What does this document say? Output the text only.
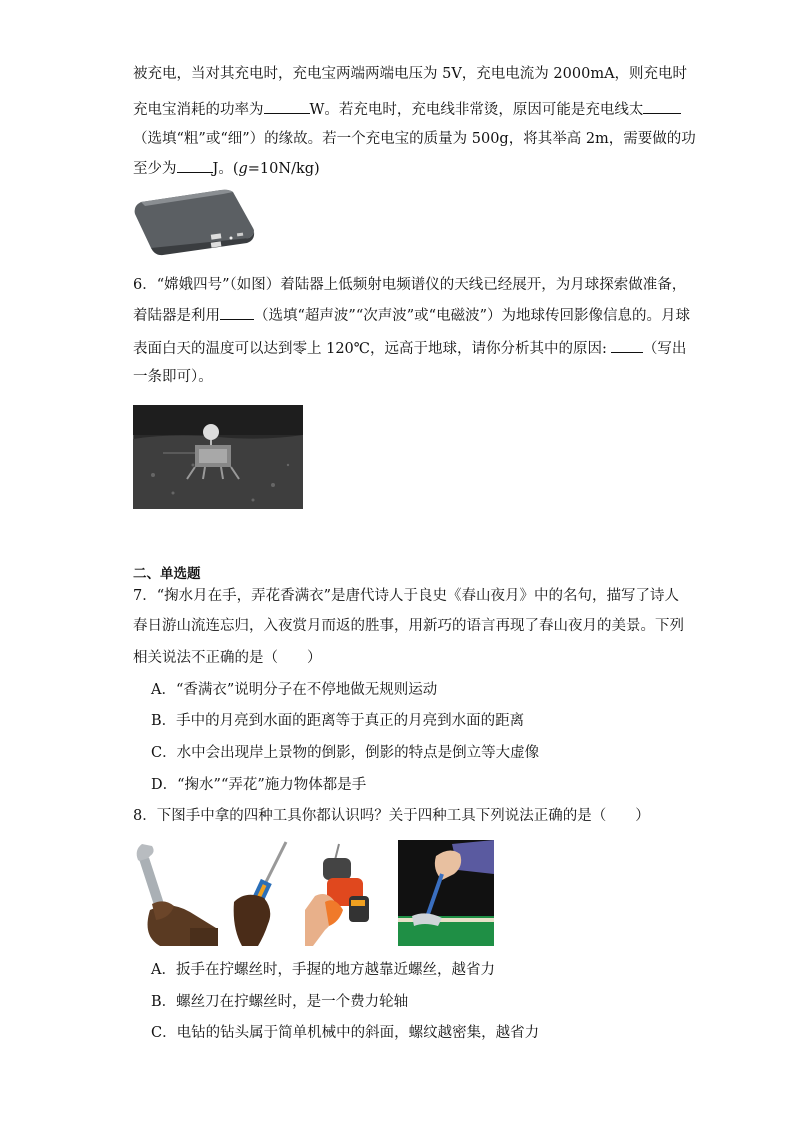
被充电，当对其充电时，充电宝两端两端电压为 5V，充电电流为 2000mA，则充电时
充电宝消耗的功率为	W。若充电时，充电线非常烫，原因可能是充电线太
（选填“粗”或“细”）的缘故。若一个充电宝的质量为 500g，将其举高 2m，需要做的功
至少为 J。(g=10N/kg)
6．“嫦娥四号”（如图）着陆器上低频射电频谱仪的天线已经展开，为月球探索做准备，
着陆器是利用 （选填“超声波”“次声波”或“电磁波”）为地球传回影像信息的。月球
表面白天的温度可以达到零上 120℃，远高于地球，请你分析其中的原因: （写出
一条即可）。
二、单选题
7．“掬水月在手，弄花香满衣”是唐代诗人于良史《春山夜月》中的名句，描写了诗人
春日游山流连忘归，入夜赏月而返的胜事，用新巧的语言再现了春山夜月的美景。下列
相关说法不正确的是（　　）
A．“香满衣”说明分子在不停地做无规则运动
B．手中的月亮到水面的距离等于真正的月亮到水面的距离
C．水中会出现岸上景物的倒影，倒影的特点是倒立等大虚像
D．“掬水”“弄花”施力物体都是手
8．下图手中拿的四种工具你都认识吗？关于四种工具下列说法正确的是（　　）
A．扳手在拧螺丝时，手握的地方越靠近螺丝，越省力
B．螺丝刀在拧螺丝时，是一个费力轮轴
C．电钻的钻头属于简单机械中的斜面，螺纹越密集，越省力
